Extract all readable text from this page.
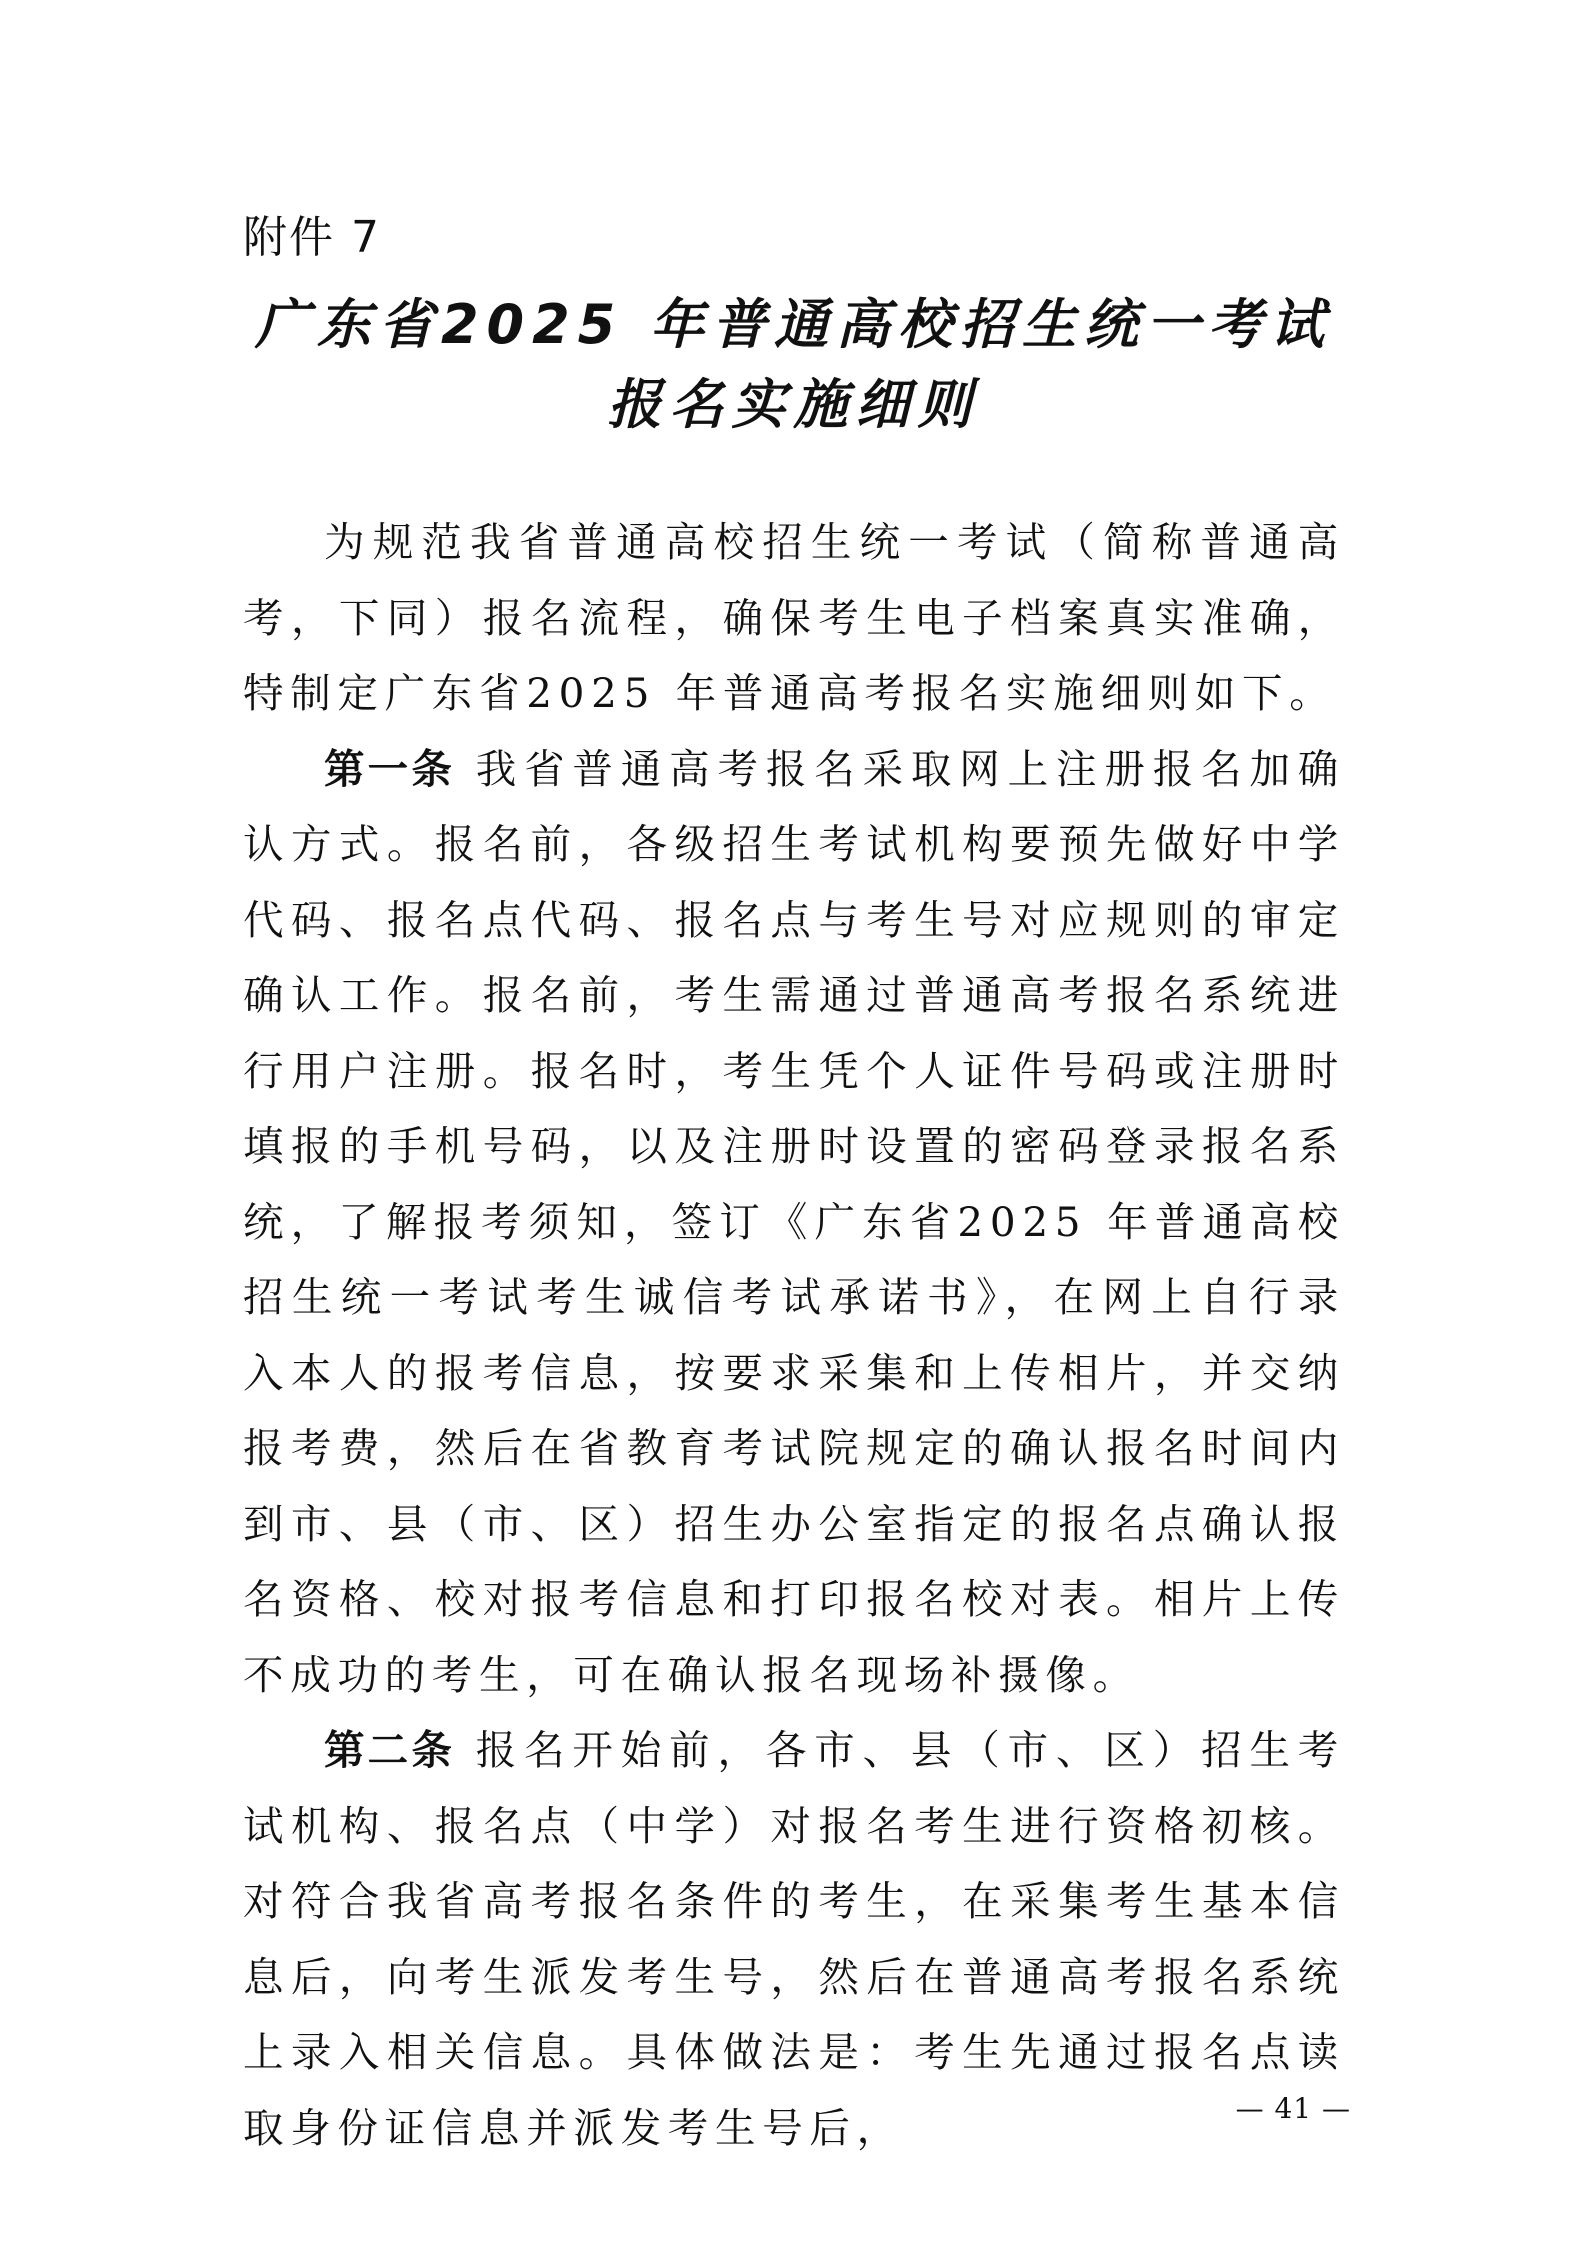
附件 7
广东省2025 年普通高校招生统一考试
报名实施细则

为规范我省普通高校招生统一考试（简称普通高考，下同）报名流程，确保考生电子档案真实准确，特制定广东省2025 年普通高考报名实施细则如下。

第一条 我省普通高考报名采取网上注册报名加确认方式。报名前，各级招生考试机构要预先做好中学代码、报名点代码、报名点与考生号对应规则的审定确认工作。报名前，考生需通过普通高考报名系统进行用户注册。报名时，考生凭个人证件号码或注册时填报的手机号码，以及注册时设置的密码登录报名系统，了解报考须知，签订《广东省2025 年普通高校招生统一考试考生诚信考试承诺书》，在网上自行录入本人的报考信息，按要求采集和上传相片，并交纳报考费，然后在省教育考试院规定的确认报名时间内到市、县（市、区）招生办公室指定的报名点确认报名资格、校对报考信息和打印报名校对表。相片上传不成功的考生，可在确认报名现场补摄像。

第二条 报名开始前，各市、县（市、区）招生考试机构、报名点（中学）对报名考生进行资格初核。对符合我省高考报名条件的考生，在采集考生基本信息后，向考生派发考生号，然后在普通高考报名系统上录入相关信息。具体做法是：考生先通过报名点读取身份证信息并派发考生号后，	— 41 —
